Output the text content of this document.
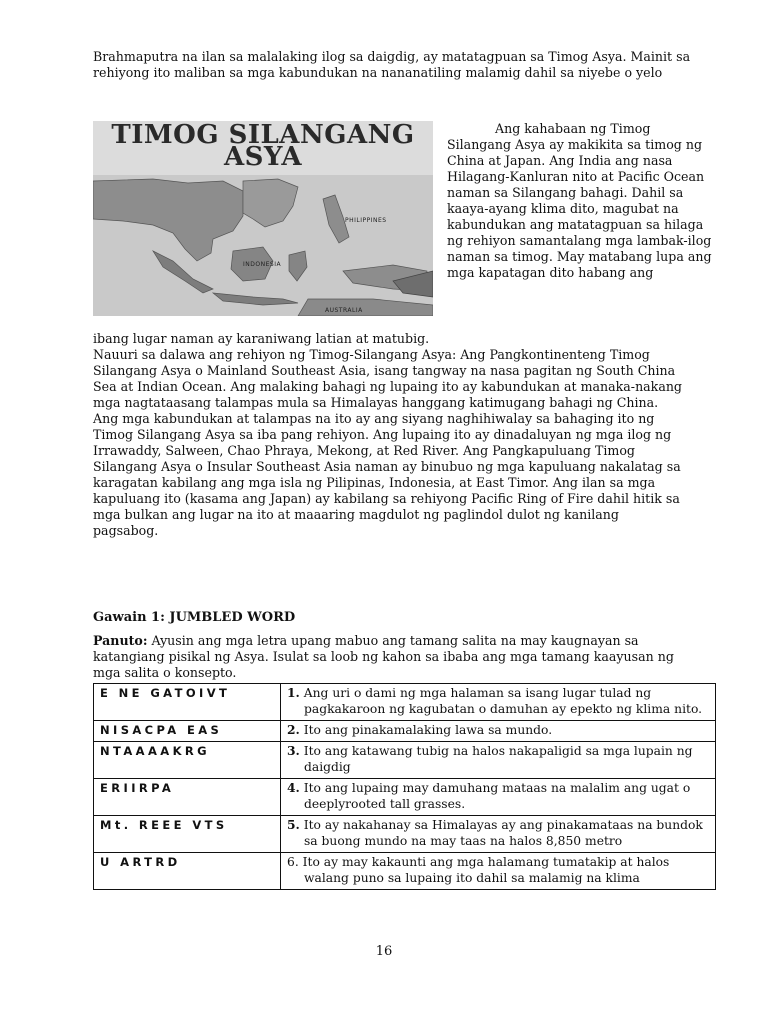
Brahmaputra na ilan sa malalaking ilog sa daigdig, ay matatagpuan sa Timog Asya. Mainit sa rehiyong ito maliban sa mga kabundukan na nananatiling malamig dahil sa niyebe o yelo

TIMOG SILANGANG
ASYA
PHILIPPINES
INDONESIA
AUSTRALIA

Ang kahabaan ng Timog Silangang Asya ay makikita sa timog ng China at Japan. Ang India ang nasa Hilagang-Kanluran nito at Pacific Ocean naman sa Silangang bahagi. Dahil sa kaaya-ayang klima dito, magubat na kabundukan ang matatagpuan sa hilaga ng rehiyon samantalang mga lambak-ilog naman sa timog. May matabang lupa ang mga kapatagan dito habang ang

ibang lugar naman ay karaniwang latian at matubig.

Nauuri sa dalawa ang rehiyon ng Timog-Silangang Asya: Ang Pangkontinenteng Timog
Silangang Asya o Mainland Southeast Asia, isang tangway na nasa pagitan ng South China Sea at Indian Ocean. Ang malaking bahagi ng lupaing ito ay kabundukan at manaka-nakang mga nagtataasang talampas mula sa Himalayas hanggang katimugang bahagi ng China. Ang mga kabundukan at talampas na ito ay ang siyang naghihiwalay sa bahaging ito ng Timog Silangang Asya sa iba pang rehiyon. Ang lupaing ito ay dinadaluyan ng mga ilog ng Irrawaddy, Salween, Chao Phraya, Mekong, at Red River. Ang Pangkapuluang Timog Silangang Asya o Insular Southeast Asia naman ay binubuo ng mga kapuluang nakalatag sa karagatan kabilang ang mga isla ng Pilipinas, Indonesia, at East Timor. Ang ilan sa mga kapuluang ito (kasama ang Japan) ay kabilang sa rehiyong Pacific Ring of Fire dahil hitik sa mga bulkan ang lugar na ito at maaaring magdulot ng paglindol dulot ng kanilang pagsabog.

Gawain 1: JUMBLED WORD

Panuto: Ayusin ang mga letra upang mabuo ang tamang salita na may kaugnayan sa katangiang pisikal ng Asya. Isulat sa loob ng kahon sa ibaba ang mga tamang kaayusan ng mga salita o konsepto.

E NE GATOIVT	1. Ang uri o dami ng mga halaman sa isang lugar tulad ng pagkakaroon ng kagubatan o damuhan ay epekto ng klima nito.

NISACPA EAS	2. Ito ang pinakamalaking lawa sa mundo.

NTAAAAKRG	3. Ito ang katawang tubig na halos nakapaligid sa mga lupain ng daigdig

ERIIRPA	4. Ito ang lupaing may damuhang mataas na malalim ang ugat o deeplyrooted tall grasses.

Mt. REEE VTS	5. Ito ay nakahanay sa Himalayas ay ang pinakamataas na bundok sa buong mundo na may taas na halos 8,850 metro

U ARTRD	6. Ito ay may kakaunti ang mga halamang tumatakip at halos walang puno sa lupaing ito dahil sa malamig na klima
16
